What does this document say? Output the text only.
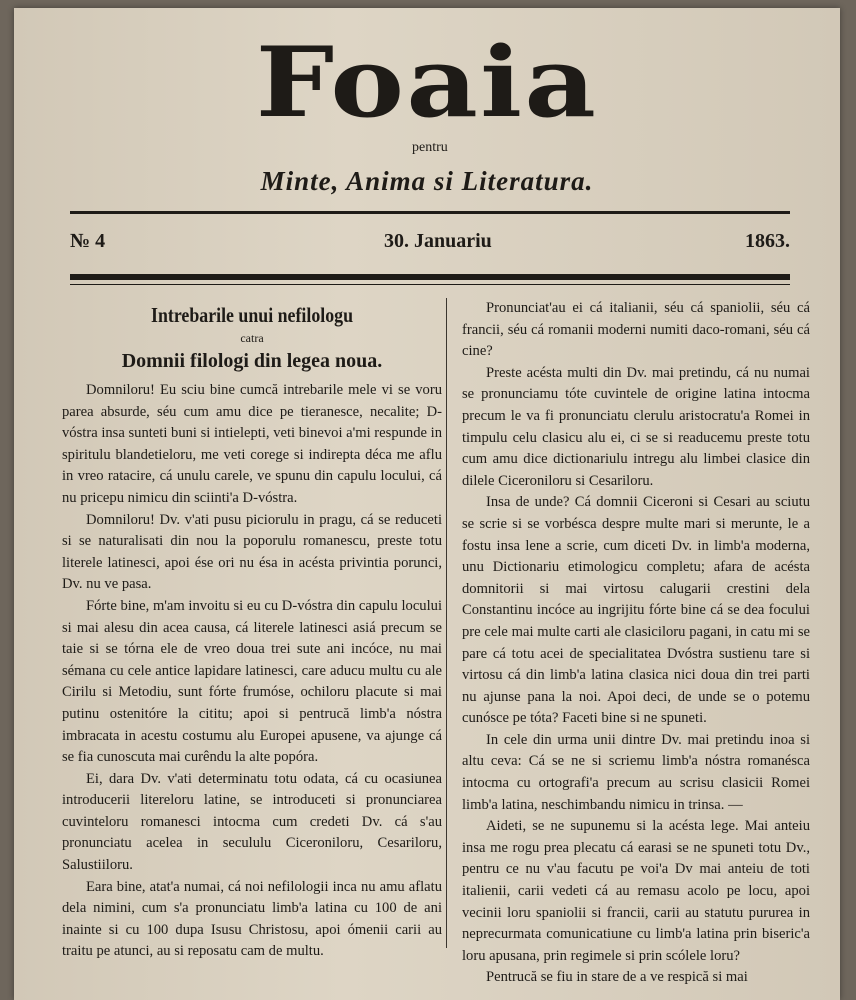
Foaia
pentru
Minte, Anima si Literatura.
№ 4	30. Januariu	1863.
Intrebarile unui nefilologu
catra
Domnii filologi din legea noua.

Domniloru! Eu sciu bine cumcă intrebarile mele vi se voru parea absurde, séu cum amu dice pe tieranesce, necalite; D-vóstra insa sunteti buni si intielepti, veti binevoi a'mi respunde in spiritulu blandetieloru, me veti corege si indirepta déca me aflu in vreo ratacire, cá unulu carele, ve spunu din capulu locului, cá nu pricepu nimicu din sciinti'a D-vóstra.

Domniloru! Dv. v'ati pusu piciorulu in pragu, cá se reduceti si se naturalisati din nou la poporulu romanescu, preste totu literele latinesci, apoi ése ori nu ésa in acésta privintia porunci, Dv. nu ve pasa.

Fórte bine, m'am invoitu si eu cu D-vóstra din capulu locului si mai alesu din acea causa, cá literele latinesci asiá precum se taie si se tórna ele de vreo doua trei sute ani incóce, nu mai sémana cu cele antice lapidare latinesci, care aducu multu cu ale Cirilu si Metodiu, sunt fórte frumóse, ochiloru placute si mai putinu ostenitóre la cititu; apoi si pentrucă limb'a nóstra imbracata in acestu costumu alu Europei apusene, va ajunge cá se fia cunoscuta mai curêndu la alte popóra.

Ei, dara Dv. v'ati determinatu totu odata, cá cu ocasiunea introducerii litereloru latine, se introduceti si pronunciarea cuvinteloru romanesci intocma cum credeti Dv. cá s'au pronunciatu acelea in secululu Ciceroniloru, Cesariloru, Salustiiloru.

Eara bine, atat'a numai, cá noi nefilologii inca nu amu aflatu dela nimini, cum s'a pronunciatu limb'a latina cu 100 de ani inainte si cu 100 dupa Isusu Christosu, apoi ómenii carii au traitu pe atunci, au si reposatu cam de multu.

Pronunciat'au ei cá italianii, séu cá spaniolii, séu cá francii, séu cá romanii moderni numiti daco-romani, séu cá cine?

Preste acésta multi din Dv. mai pretindu, cá nu numai se pronunciamu tóte cuvintele de origine latina intocma precum le va fi pronunciatu clerulu aristocratu'a Romei in timpulu celu clasicu alu ei, ci se si readucemu preste totu cum amu dice dictionariulu intregu alu limbei clasice din dilele Ciceroniloru si Cesariloru.

Insa de unde? Cá domnii Ciceroni si Cesari au sciutu se scrie si se vorbésca despre multe mari si merunte, le a fostu insa lene a scrie, cum diceti Dv. in limb'a moderna, unu Dictionariu etimologicu completu; afara de acésta domnitorii si mai virtosu calugarii crestini dela Constantinu incóce au ingrijitu fórte bine cá se dea focului pre cele mai multe carti ale clasiciloru pagani, in catu mi se pare cá totu acei de specialitatea Dvóstra sustienu tare si virtosu cá din limb'a latina clasica nici doua din trei parti nu ajunse pana la noi. Apoi deci, de unde se o potemu cunósce pe tóta? Faceti bine si ne spuneti.

In cele din urma unii dintre Dv. mai pretindu inoa si altu ceva: Cá se ne si scriemu limb'a nóstra romanésca intocma cu ortografi'a precum au scrisu clasicii Romei limb'a latina, neschimbandu nimicu in trinsa. —

Aideti, se ne supunemu si la acésta lege. Mai anteiu insa me rogu prea plecatu cá earasi se ne spuneti totu Dv., pentru ce nu v'au facutu pe voi'a Dv mai anteiu de toti italienii, carii vedeti cá au remasu acolo pe locu, apoi vecinii loru spaniolii si francii, carii au statutu pururea in neprecurmata comunicatiune cu limb'a latina prin biseric'a loru apusana, prin regimele si prin scólele loru?

Pentrucă se fiu in stare de a ve respică si mai
